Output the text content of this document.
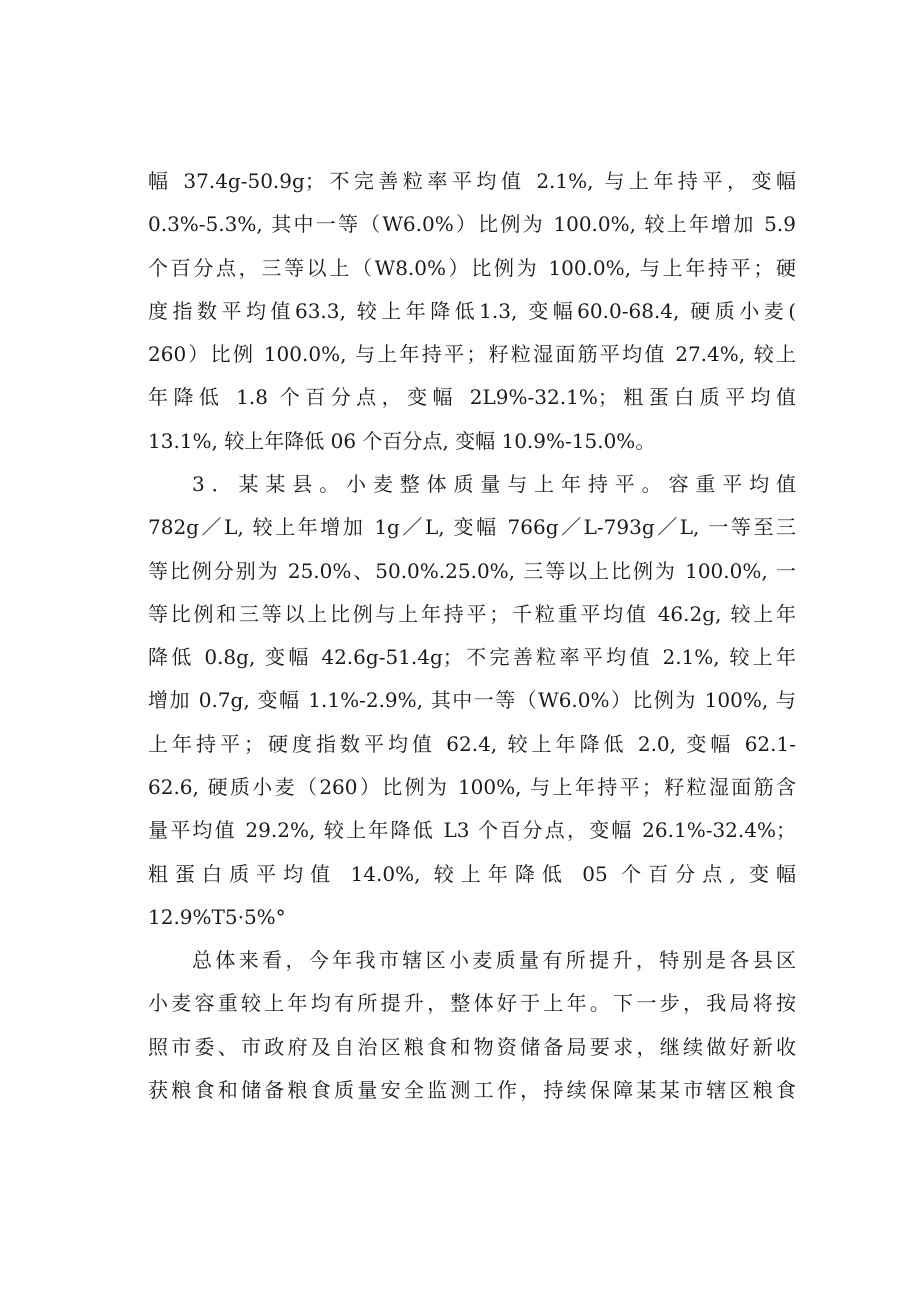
幅 37.4g-50.9g；不完善粒率平均值 2.1%, 与上年持平，变幅
0.3%-5.3%, 其中一等（W6.0%）比例为 100.0%, 较上年增加 5.9
个百分点，三等以上（W8.0%）比例为 100.0%, 与上年持平；硬
度指数平均值63.3, 较上年降低1.3, 变幅60.0-68.4, 硬质小麦(
260）比例 100.0%, 与上年持平；籽粒湿面筋平均值 27.4%, 较上
年降低 1.8 个百分点，变幅 2L9%-32.1%；粗蛋白质平均值
13.1%, 较上年降低 06 个百分点, 变幅 10.9%-15.0%。
3．某某县。小麦整体质量与上年持平。容重平均值
782g／L, 较上年增加 1g／L, 变幅 766g／L-793g／L, 一等至三
等比例分别为 25.0%、50.0%.25.0%, 三等以上比例为 100.0%, 一
等比例和三等以上比例与上年持平；千粒重平均值 46.2g, 较上年
降低 0.8g, 变幅 42.6g-51.4g；不完善粒率平均值 2.1%, 较上年
增加 0.7g, 变幅 1.1%-2.9%, 其中一等（W6.0%）比例为 100%, 与
上年持平；硬度指数平均值 62.4, 较上年降低 2.0, 变幅 62.1-
62.6, 硬质小麦（260）比例为 100%, 与上年持平；籽粒湿面筋含
量平均值 29.2%, 较上年降低 L3 个百分点，变幅 26.1%-32.4%；
粗蛋白质平均值 14.0%, 较上年降低 05 个百分点, 变幅
12.9%T5·5%°
总体来看，今年我市辖区小麦质量有所提升，特别是各县区
小麦容重较上年均有所提升，整体好于上年。下一步，我局将按
照市委、市政府及自治区粮食和物资储备局要求，继续做好新收
获粮食和储备粮食质量安全监测工作，持续保障某某市辖区粮食
